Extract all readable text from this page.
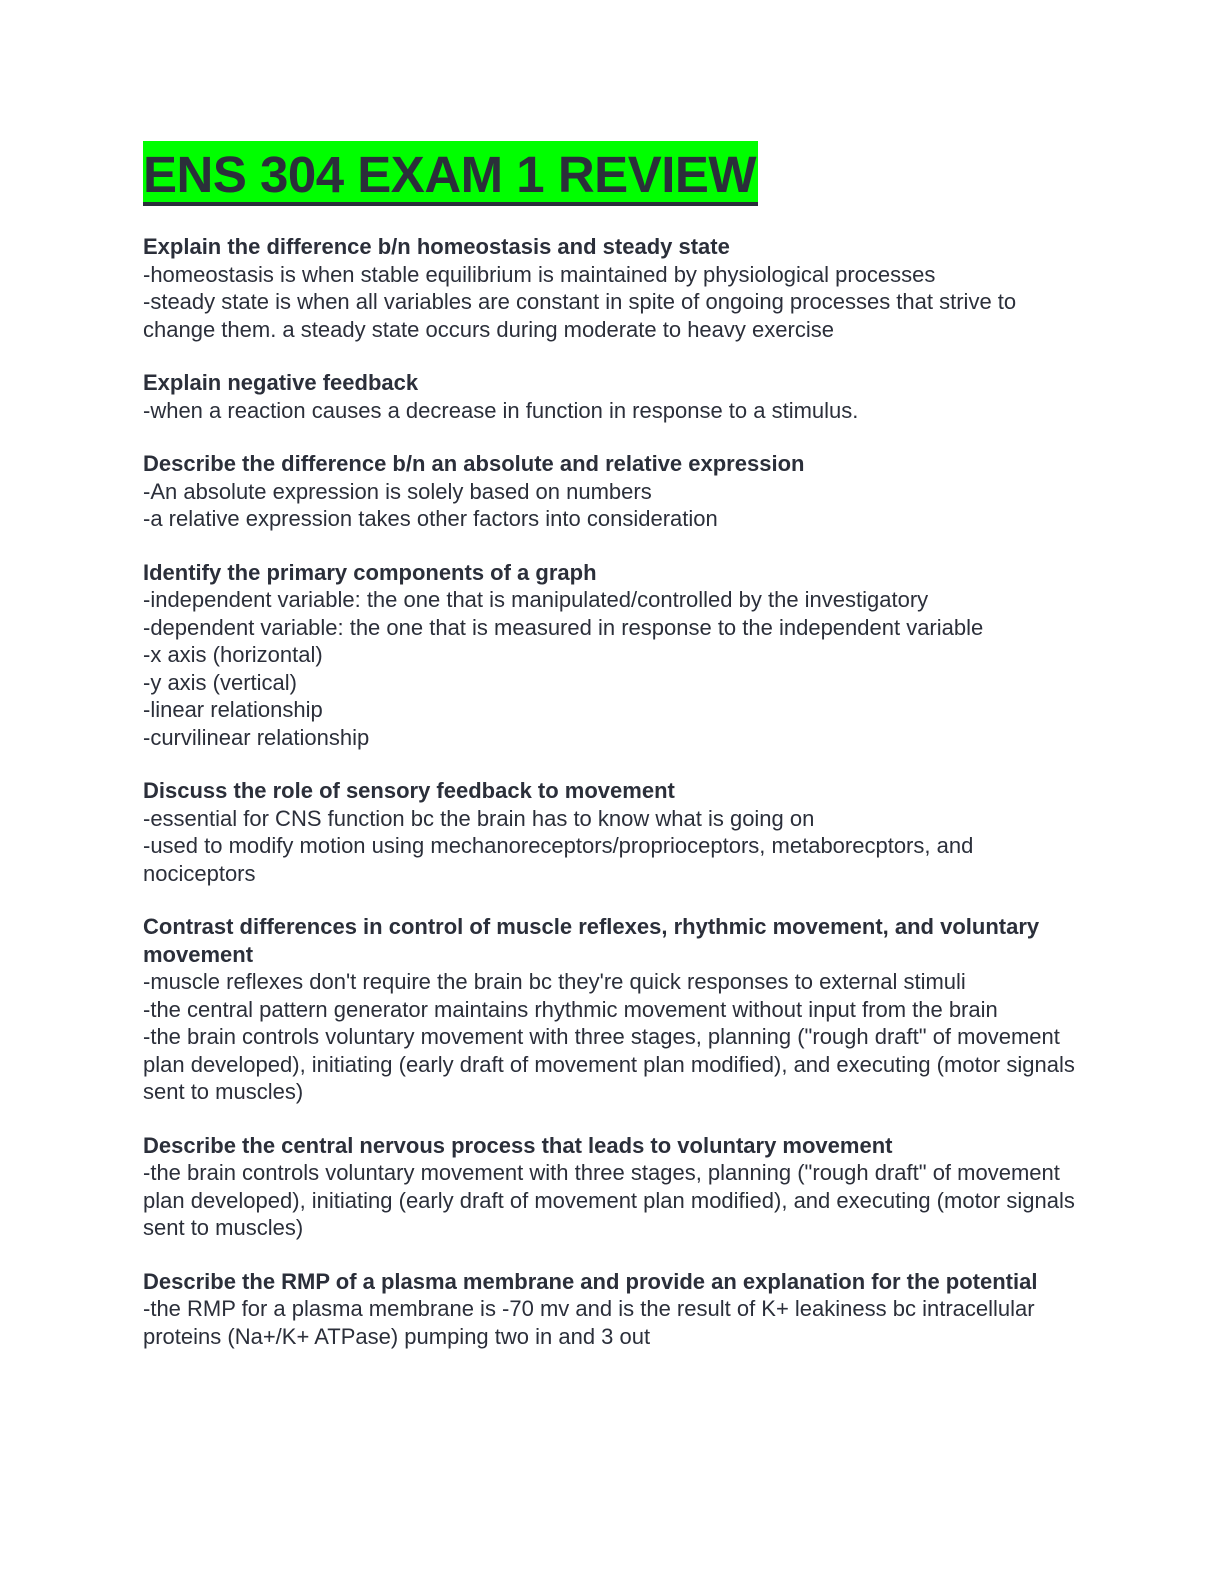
ENS 304 EXAM 1 REVIEW

Explain the difference b/n homeostasis and steady state

-homeostasis is when stable equilibrium is maintained by physiological processes

-steady state is when all variables are constant in spite of ongoing processes that strive to change them. a steady state occurs during moderate to heavy exercise

Explain negative feedback

-when a reaction causes a decrease in function in response to a stimulus.

Describe the difference b/n an absolute and relative expression

-An absolute expression is solely based on numbers

-a relative expression takes other factors into consideration

Identify the primary components of a graph

-independent variable: the one that is manipulated/controlled by the investigatory

-dependent variable: the one that is measured in response to the independent variable

-x axis (horizontal)

-y axis (vertical)

-linear relationship

-curvilinear relationship

Discuss the role of sensory feedback to movement

-essential for CNS function bc the brain has to know what is going on

-used to modify motion using mechanoreceptors/proprioceptors, metaborecptors, and nociceptors

Contrast differences in control of muscle reflexes, rhythmic movement, and voluntary movement

-muscle reflexes don't require the brain bc they're quick responses to external stimuli

-the central pattern generator maintains rhythmic movement without input from the brain

-the brain controls voluntary movement with three stages, planning ("rough draft" of movement plan developed), initiating (early draft of movement plan modified), and executing (motor signals sent to muscles)

Describe the central nervous process that leads to voluntary movement

-the brain controls voluntary movement with three stages, planning ("rough draft" of movement plan developed), initiating (early draft of movement plan modified), and executing (motor signals sent to muscles)

Describe the RMP of a plasma membrane and provide an explanation for the potential

-the RMP for a plasma membrane is -70 mv and is the result of K+ leakiness bc intracellular proteins (Na+/K+ ATPase) pumping two in and 3 out
